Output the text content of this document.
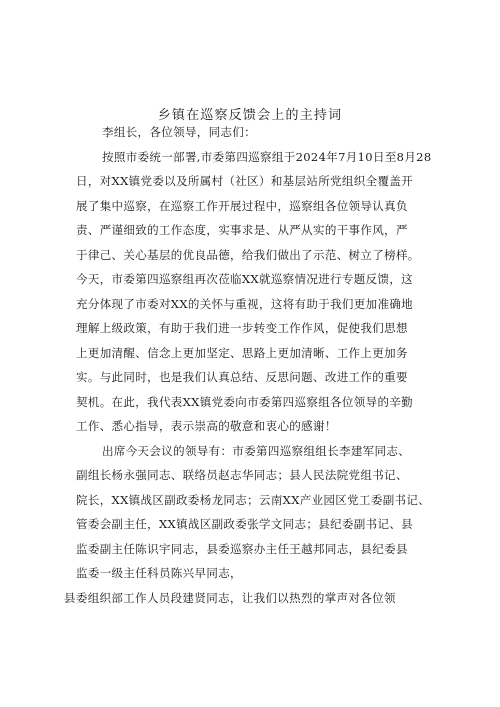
乡镇在巡察反馈会上的主持词
李组长，各位领导，同志们：
按照市委统一部署,市委第四巡察组于2024年7月10日至8月28
日，对XX镇党委以及所属村（社区）和基层站所党组织全覆盖开
展了集中巡察，在巡察工作开展过程中，巡察组各位领导认真负
责、严谨细致的工作态度，实事求是、从严从实的干事作风，严
于律己、关心基层的优良品德，给我们做出了示范、树立了榜样。
今天，市委第四巡察组再次莅临XX就巡察情况进行专题反馈，这
充分体现了市委对XX的关怀与重视，这将有助于我们更加准确地
理解上级政策，有助于我们进一步转变工作作风，促使我们思想
上更加清醒、信念上更加坚定、思路上更加清晰、工作上更加务
实。与此同时，也是我们认真总结、反思问题、改进工作的重要
契机。在此，我代表XX镇党委向市委第四巡察组各位领导的辛勤
工作、悉心指导，表示崇高的敬意和衷心的感谢！
出席今天会议的领导有：市委第四巡察组组长李建军同志、
副组长杨永强同志、联络员赵志华同志；县人民法院党组书记、
院长，XX镇战区副政委杨龙同志；云南XX产业园区党工委副书记、
管委会副主任，XX镇战区副政委张学文同志；县纪委副书记、县
监委副主任陈识宇同志，县委巡察办主任王越邦同志，县纪委县
监委一级主任科员陈兴早同志，
县委组织部工作人员段建贤同志，让我们以热烈的掌声对各位领
